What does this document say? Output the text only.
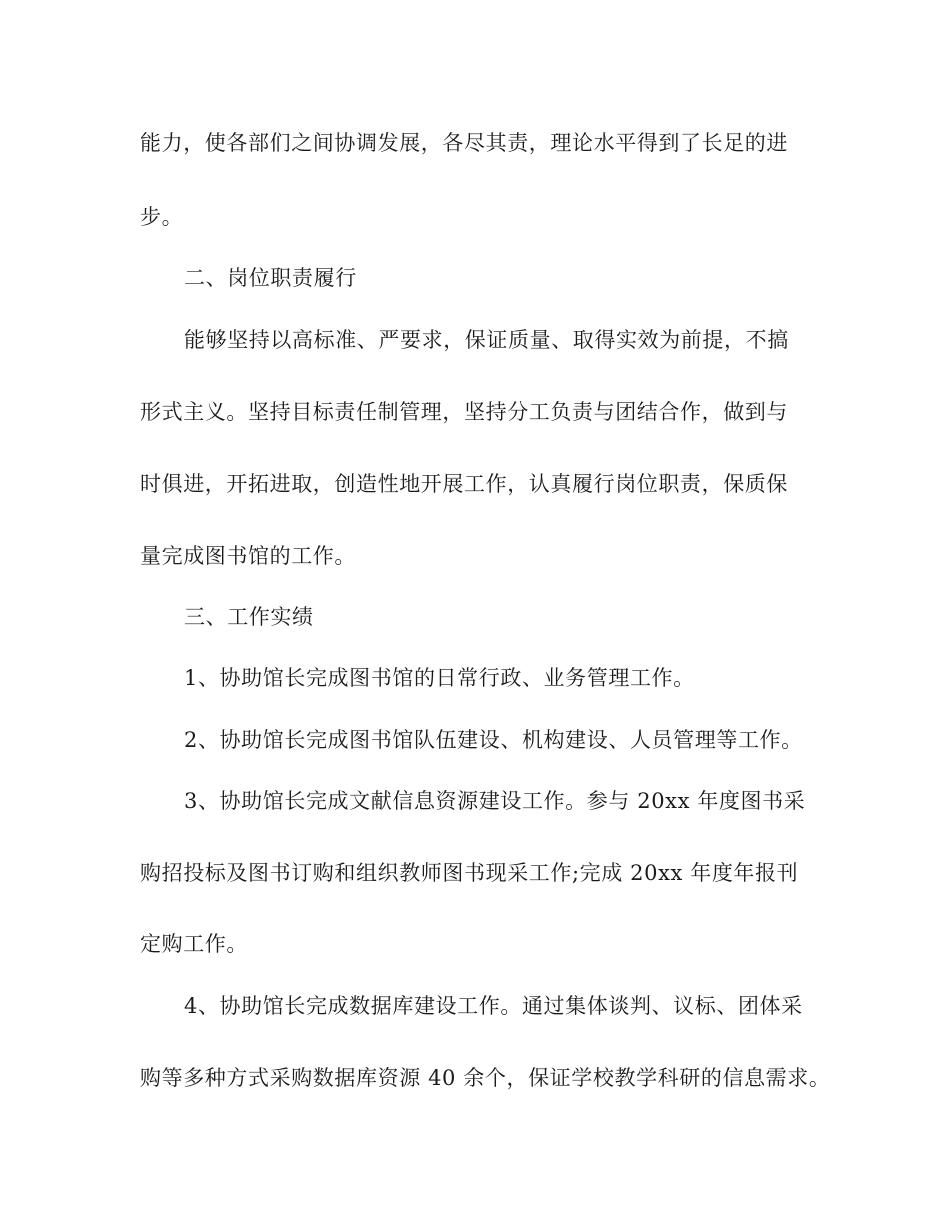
能力，使各部们之间协调发展，各尽其责，理论水平得到了长足的进

步。

二、岗位职责履行

能够坚持以高标准、严要求，保证质量、取得实效为前提，不搞

形式主义。坚持目标责任制管理，坚持分工负责与团结合作，做到与

时俱进，开拓进取，创造性地开展工作，认真履行岗位职责，保质保

量完成图书馆的工作。

三、工作实绩

1、协助馆长完成图书馆的日常行政、业务管理工作。

2、协助馆长完成图书馆队伍建设、机构建设、人员管理等工作。

3、协助馆长完成文献信息资源建设工作。参与 20xx 年度图书采

购招投标及图书订购和组织教师图书现采工作;完成 20xx 年度年报刊

定购工作。

4、协助馆长完成数据库建设工作。通过集体谈判、议标、团体采

购等多种方式采购数据库资源 40 余个，保证学校教学科研的信息需求。
